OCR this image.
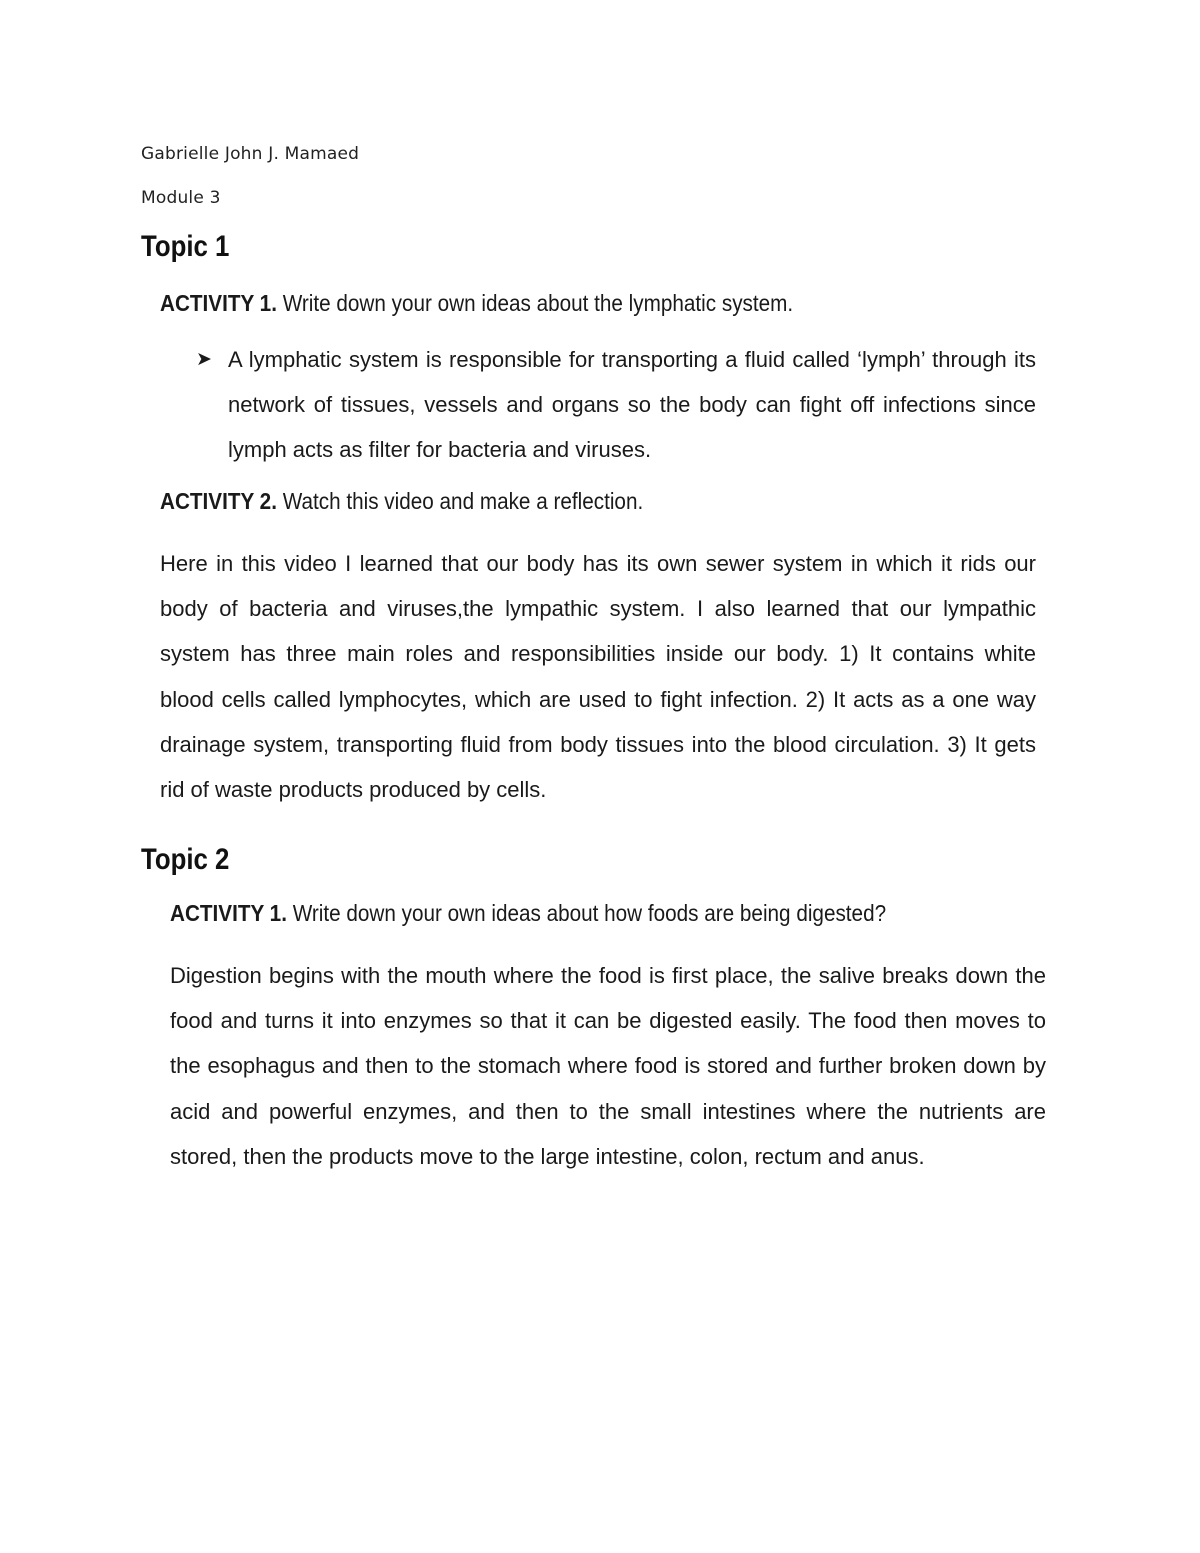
Gabrielle John J. Mamaed
Module 3
Topic 1
ACTIVITY 1. Write down your own ideas about the lymphatic system.
➤ A lymphatic system is responsible for transporting a fluid called ‘lymph’ through its network of tissues, vessels and organs so the body can fight off infections since lymph acts as filter for bacteria and viruses.
ACTIVITY 2. Watch this video and make a reflection.
Here in this video I learned that our body has its own sewer system in which it rids our body of bacteria and viruses,the lympathic system. I also learned that our lympathic system has three main roles and responsibilities inside our body. 1) It contains white blood cells called lymphocytes, which are used to fight infection. 2) It acts as a one way drainage system, transporting fluid from body tissues into the blood circulation. 3) It gets rid of waste products produced by cells.
Topic 2
ACTIVITY 1. Write down your own ideas about how foods are being digested?
Digestion begins with the mouth where the food is first place, the salive breaks down the food and turns it into enzymes so that it can be digested easily. The food then moves to the esophagus and then to the stomach where food is stored and further broken down by acid and powerful enzymes, and then to the small intestines where the nutrients are stored, then the products move to the large intestine, colon, rectum and anus.
